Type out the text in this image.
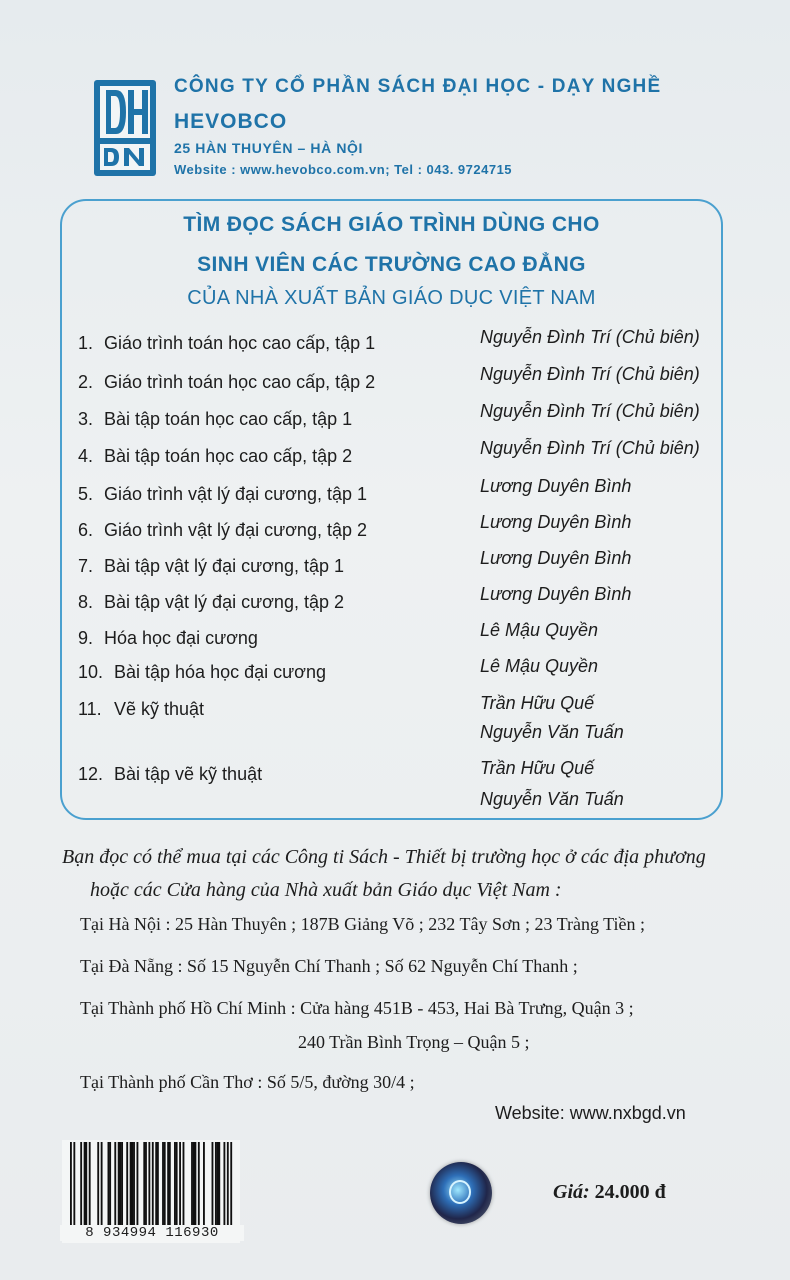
CÔNG TY CỔ PHẦN SÁCH ĐẠI HỌC - DẠY NGHỀ
HEVOBCO
25 HÀN THUYÊN – HÀ NỘI
Website : www.hevobco.com.vn; Tel : 043. 9724715
TÌM ĐỌC SÁCH GIÁO TRÌNH DÙNG CHO
SINH VIÊN CÁC TRƯỜNG CAO ĐẲNG
CỦA NHÀ XUẤT BẢN GIÁO DỤC VIỆT NAM
1. Giáo trình toán học cao cấp, tập 1	Nguyễn Đình Trí (Chủ biên)
2. Giáo trình toán học cao cấp, tập 2	Nguyễn Đình Trí (Chủ biên)
3. Bài tập toán học cao cấp, tập 1	Nguyễn Đình Trí (Chủ biên)
4. Bài tập toán học cao cấp, tập 2	Nguyễn Đình Trí (Chủ biên)
5. Giáo trình vật lý đại cương, tập 1	Lương Duyên Bình
6. Giáo trình vật lý đại cương, tập 2	Lương Duyên Bình
7. Bài tập vật lý đại cương, tập 1	Lương Duyên Bình
8. Bài tập vật lý đại cương, tập 2	Lương Duyên Bình
9. Hóa học đại cương	Lê Mậu Quyền
10. Bài tập hóa học đại cương	Lê Mậu Quyền
11. Vẽ kỹ thuật	Trần Hữu Quế
Nguyễn Văn Tuấn
12. Bài tập vẽ kỹ thuật	Trần Hữu Quế
Nguyễn Văn Tuấn
Bạn đọc có thể mua tại các Công ti Sách - Thiết bị trường học ở các địa phương
hoặc các Cửa hàng của Nhà xuất bản Giáo dục Việt Nam :
Tại Hà Nội : 25 Hàn Thuyên ; 187B Giảng Võ ; 232 Tây Sơn ; 23 Tràng Tiền ;
Tại Đà Nẵng : Số 15 Nguyễn Chí Thanh ; Số 62 Nguyễn Chí Thanh ;
Tại Thành phố Hồ Chí Minh : Cửa hàng 451B - 453, Hai Bà Trưng, Quận 3 ;
240 Trần Bình Trọng – Quận 5 ;
Tại Thành phố Cần Thơ : Số 5/5, đường 30/4 ;
Website: www.nxbgd.vn
8 934994 116930
Giá: 24.000 đ
